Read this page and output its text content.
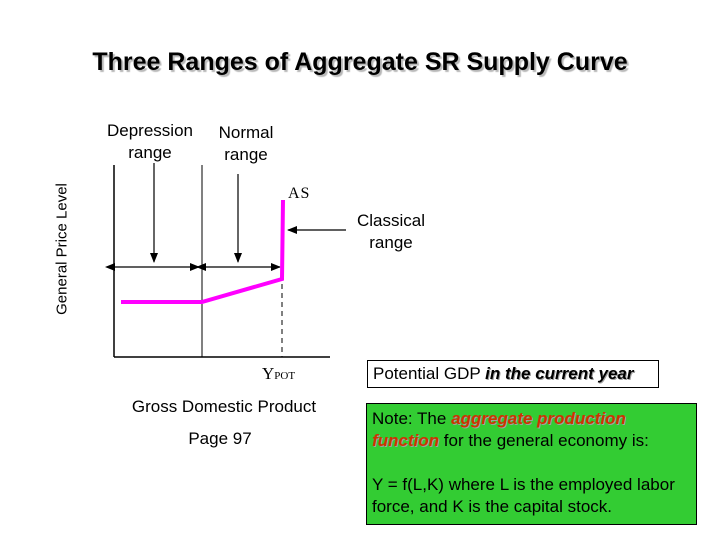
Three Ranges of Aggregate SR Supply Curve
Depression
range
Normal
range
Classical
range
AS
General Price Level
YPOT
Gross Domestic Product
Page 97
Potential GDP in the current year
Note: The aggregate production
function for the general economy is:
Y = f(L,K) where L is the employed labor force, and K is the capital stock.
